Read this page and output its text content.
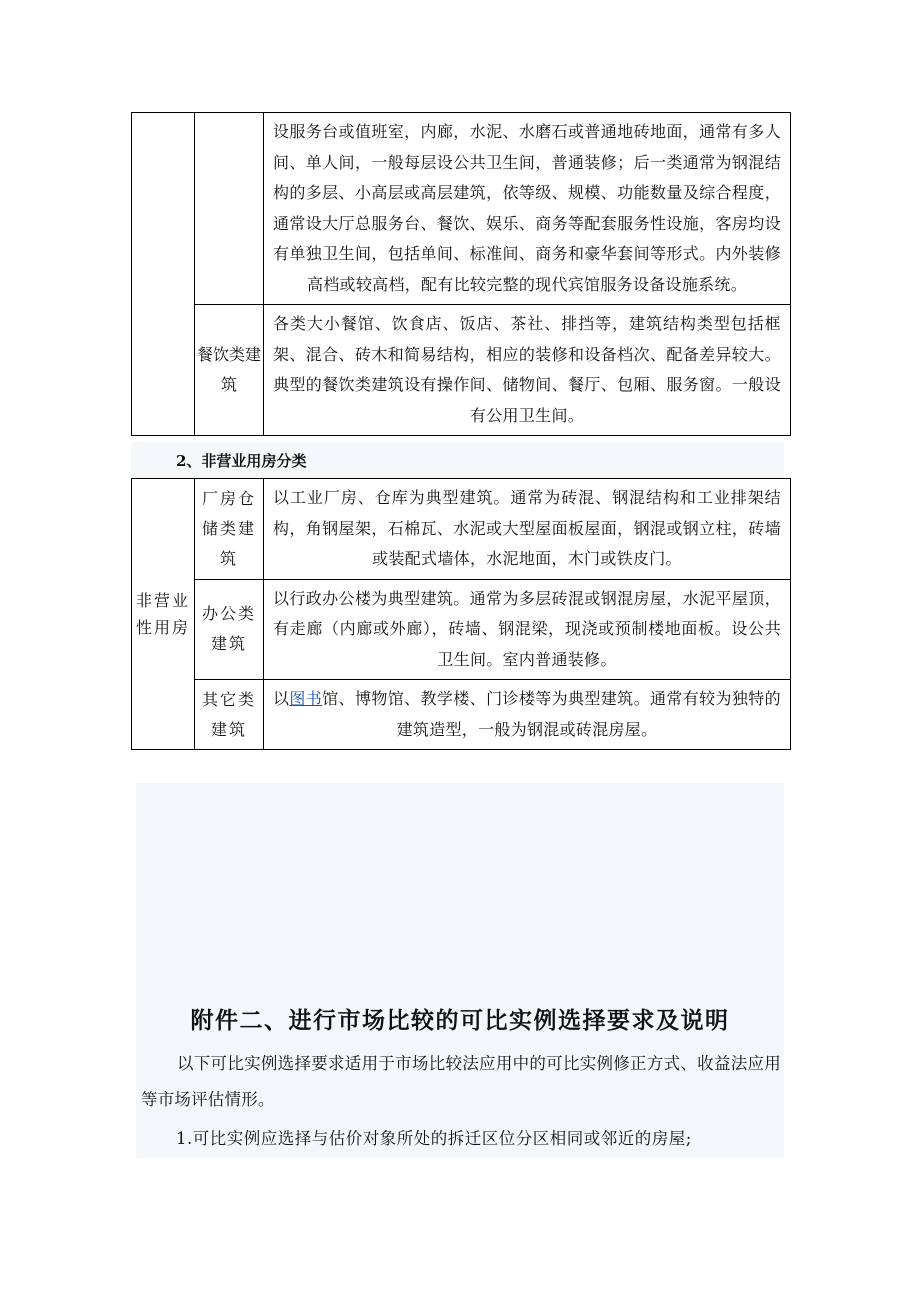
		设服务台或值班室，内廊，水泥、水磨石或普通地砖地面，通常有多人间、单人间，一般每层设公共卫生间，普通装修；后一类通常为钢混结构的多层、小高层或高层建筑，依等级、规模、功能数量及综合程度，通常设大厅总服务台、餐饮、娱乐、商务等配套服务性设施，客房均设有单独卫生间，包括单间、标准间、商务和豪华套间等形式。内外装修高档或较高档，配有比较完整的现代宾馆服务设备设施系统。
	餐饮类建筑	各类大小餐馆、饮食店、饭店、茶社、排挡等，建筑结构类型包括框架、混合、砖木和简易结构，相应的装修和设备档次、配备差异较大。典型的餐饮类建筑设有操作间、储物间、餐厅、包厢、服务窗。一般设有公用卫生间。
2、非营业用房分类
非营业性用房	厂房仓储类建筑	以工业厂房、仓库为典型建筑。通常为砖混、钢混结构和工业排架结构，角钢屋架，石棉瓦、水泥或大型屋面板屋面，钢混或钢立柱，砖墙或装配式墙体，水泥地面，木门或铁皮门。
	办公类建筑	以行政办公楼为典型建筑。通常为多层砖混或钢混房屋，水泥平屋顶，有走廊（内廊或外廊），砖墙、钢混梁，现浇或预制楼地面板。设公共卫生间。室内普通装修。
	其它类建筑	以图书馆、博物馆、教学楼、门诊楼等为典型建筑。通常有较为独特的建筑造型，一般为钢混或砖混房屋。
附件二、进行市场比较的可比实例选择要求及说明

以下可比实例选择要求适用于市场比较法应用中的可比实例修正方式、收益法应用等市场评估情形。

1.可比实例应选择与估价对象所处的拆迁区位分区相同或邻近的房屋;
